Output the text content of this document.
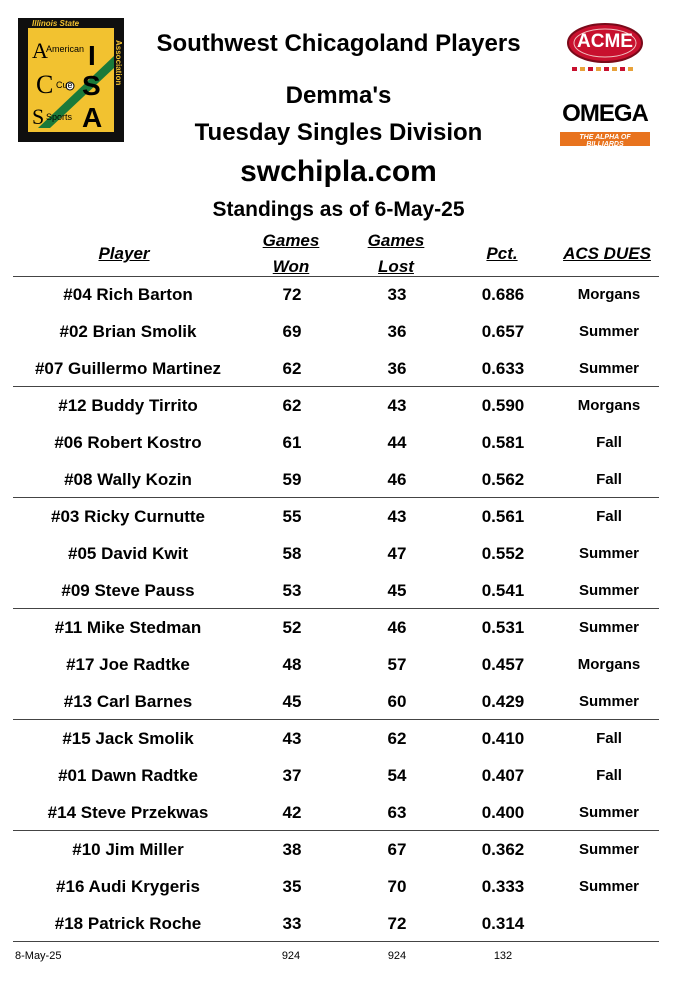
Illinois State
Association
A
American
C Cue
S Sports
I
S
A
ACME
OMEGA
THE ALPHA OF BILLIARDS
Southwest Chicagoland Players
Demma's
Tuesday Singles Division
swchipla.com
Standings as of 6-May-25
Player
Games
Won
Games
Lost
Pct.	ACS DUES
#04 Rich Barton	72	33	0.686	Morgans
#02 Brian Smolik	69	36	0.657	Summer
#07 Guillermo Martinez	62	36	0.633	Summer
#12 Buddy Tirrito	62	43	0.590	Morgans
#06 Robert Kostro	61	44	0.581	Fall
#08 Wally Kozin	59	46	0.562	Fall
#03 Ricky Curnutte	55	43	0.561	Fall
#05 David Kwit	58	47	0.552	Summer
#09 Steve Pauss	53	45	0.541	Summer
#11 Mike Stedman	52	46	0.531	Summer
#17 Joe Radtke	48	57	0.457	Morgans
#13 Carl Barnes	45	60	0.429	Summer
#15 Jack Smolik	43	62	0.410	Fall
#01 Dawn Radtke	37	54	0.407	Fall
#14 Steve Przekwas	42	63	0.400	Summer
#10 Jim Miller	38	67	0.362	Summer
#16 Audi Krygeris	35	70	0.333	Summer
#18 Patrick Roche	33	72	0.314
8-May-25	924	924	132
